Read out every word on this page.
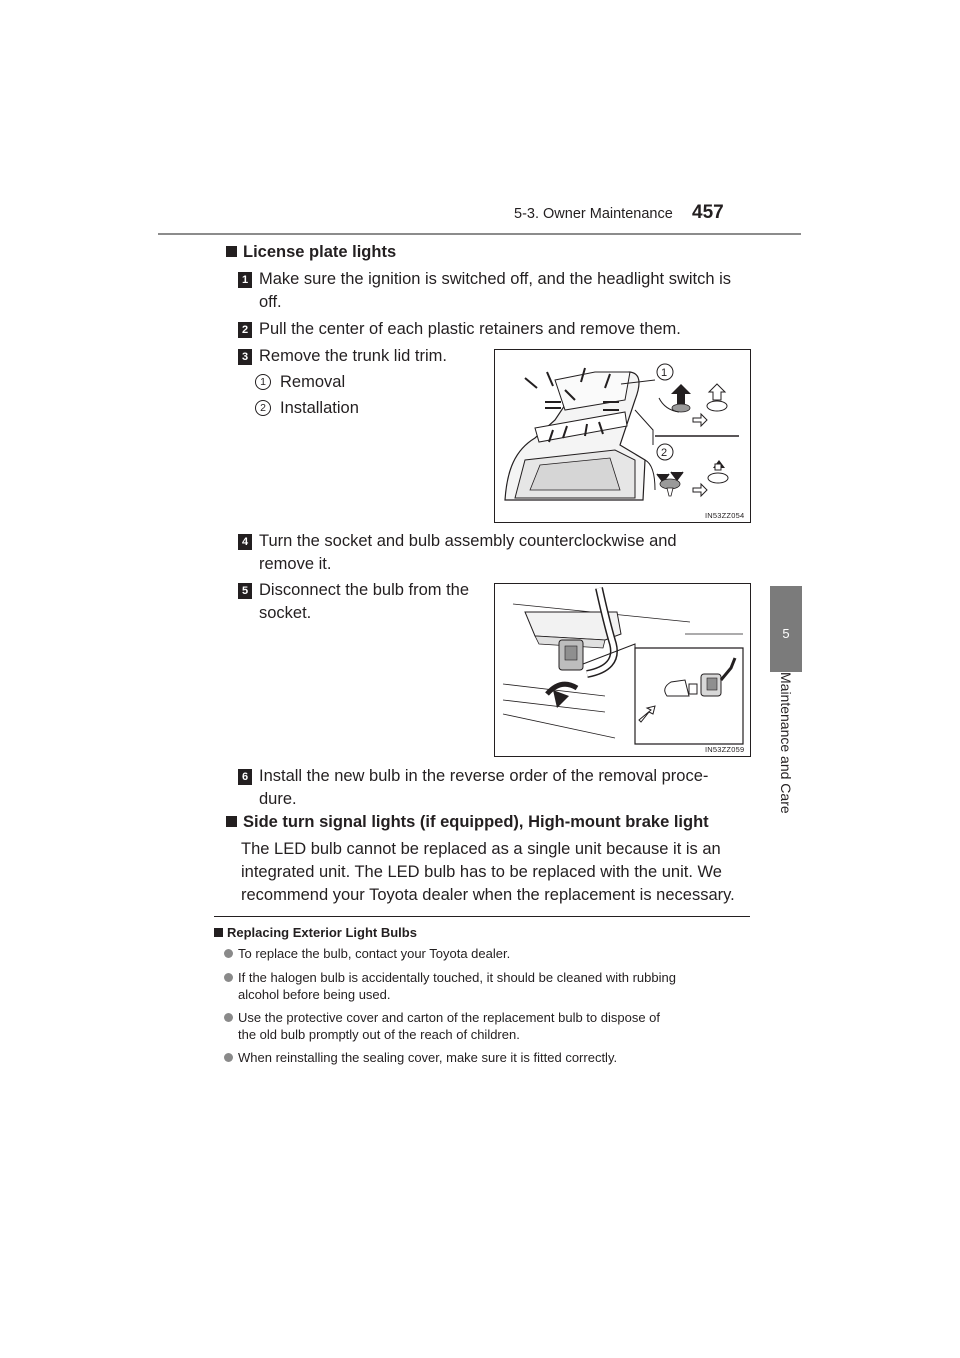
5-3. Owner Maintenance 457
5
Maintenance and Care
License plate lights
1 Make sure the ignition is switched off, and the headlight switch is
off.
2 Pull the center of each plastic retainers and remove them.
3 Remove the trunk lid trim.
1 Removal
2 Installation
1
2
IN53ZZ054
4 Turn the socket and bulb assembly counterclockwise and
remove it.
5 Disconnect the bulb from the
socket.
IN53ZZ059
6 Install the new bulb in the reverse order of the removal proce-
dure.
Side turn signal lights (if equipped), High-mount brake light
The LED bulb cannot be replaced as a single unit because it is an
integrated unit. The LED bulb has to be replaced with the unit. We
recommend your Toyota dealer when the replacement is necessary.
Replacing Exterior Light Bulbs
To replace the bulb, contact your Toyota dealer.
If the halogen bulb is accidentally touched, it should be cleaned with rubbing
alcohol before being used.
Use the protective cover and carton of the replacement bulb to dispose of
the old bulb promptly out of the reach of children.
When reinstalling the sealing cover, make sure it is fitted correctly.
